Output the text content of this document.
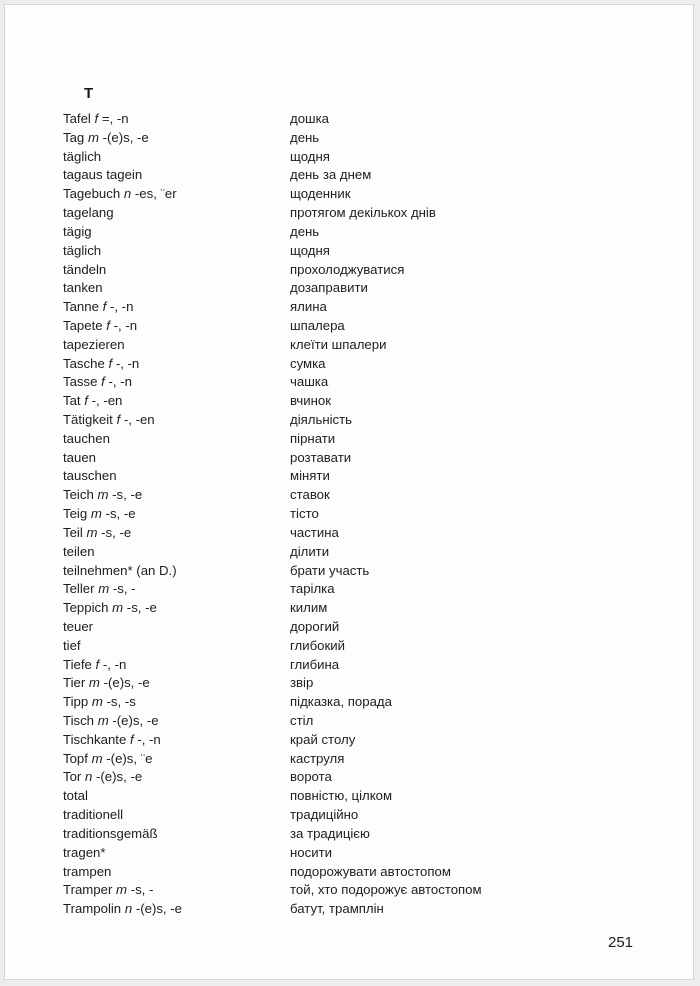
T
Tafel f =, -n	дошка
Tag m -(e)s, -e	день
täglich	щодня
tagaus tagein	день за днем
Tagebuch n -es, ¨er	щоденник
tagelang	протягом декількох днів
tägig	день
täglich	щодня
tändeln	прохолоджуватися
tanken	дозаправити
Tanne f -, -n	ялина
Tapete f -, -n	шпалера
tapezieren	клеїти шпалери
Tasche f -, -n	сумка
Tasse f -, -n	чашка
Tat f -, -en	вчинок
Tätigkeit f -, -en	діяльність
tauchen	пірнати
tauen	розтавати
tauschen	міняти
Teich m -s, -e	ставок
Teig m -s, -e	тісто
Teil m -s, -e	частина
teilen	ділити
teilnehmen* (an D.)	брати участь
Teller m -s, -	тарілка
Teppich m -s, -e	килим
teuer	дорогий
tief	глибокий
Tiefe f -, -n	глибина
Tier m -(e)s, -e	звір
Tipp m -s, -s	підказка, порада
Tisch m -(e)s, -e	стіл
Tischkante f -, -n	край столу
Topf m -(e)s, ¨e	каструля
Tor n -(e)s, -e	ворота
total	повністю, цілком
traditionell	традиційно
traditionsgemäß	за традицією
tragen*	носити
trampen	подорожувати автостопом
Tramper m -s, -	той, хто подорожує автостопом
Trampolin n -(e)s, -e	батут, трамплін
251
